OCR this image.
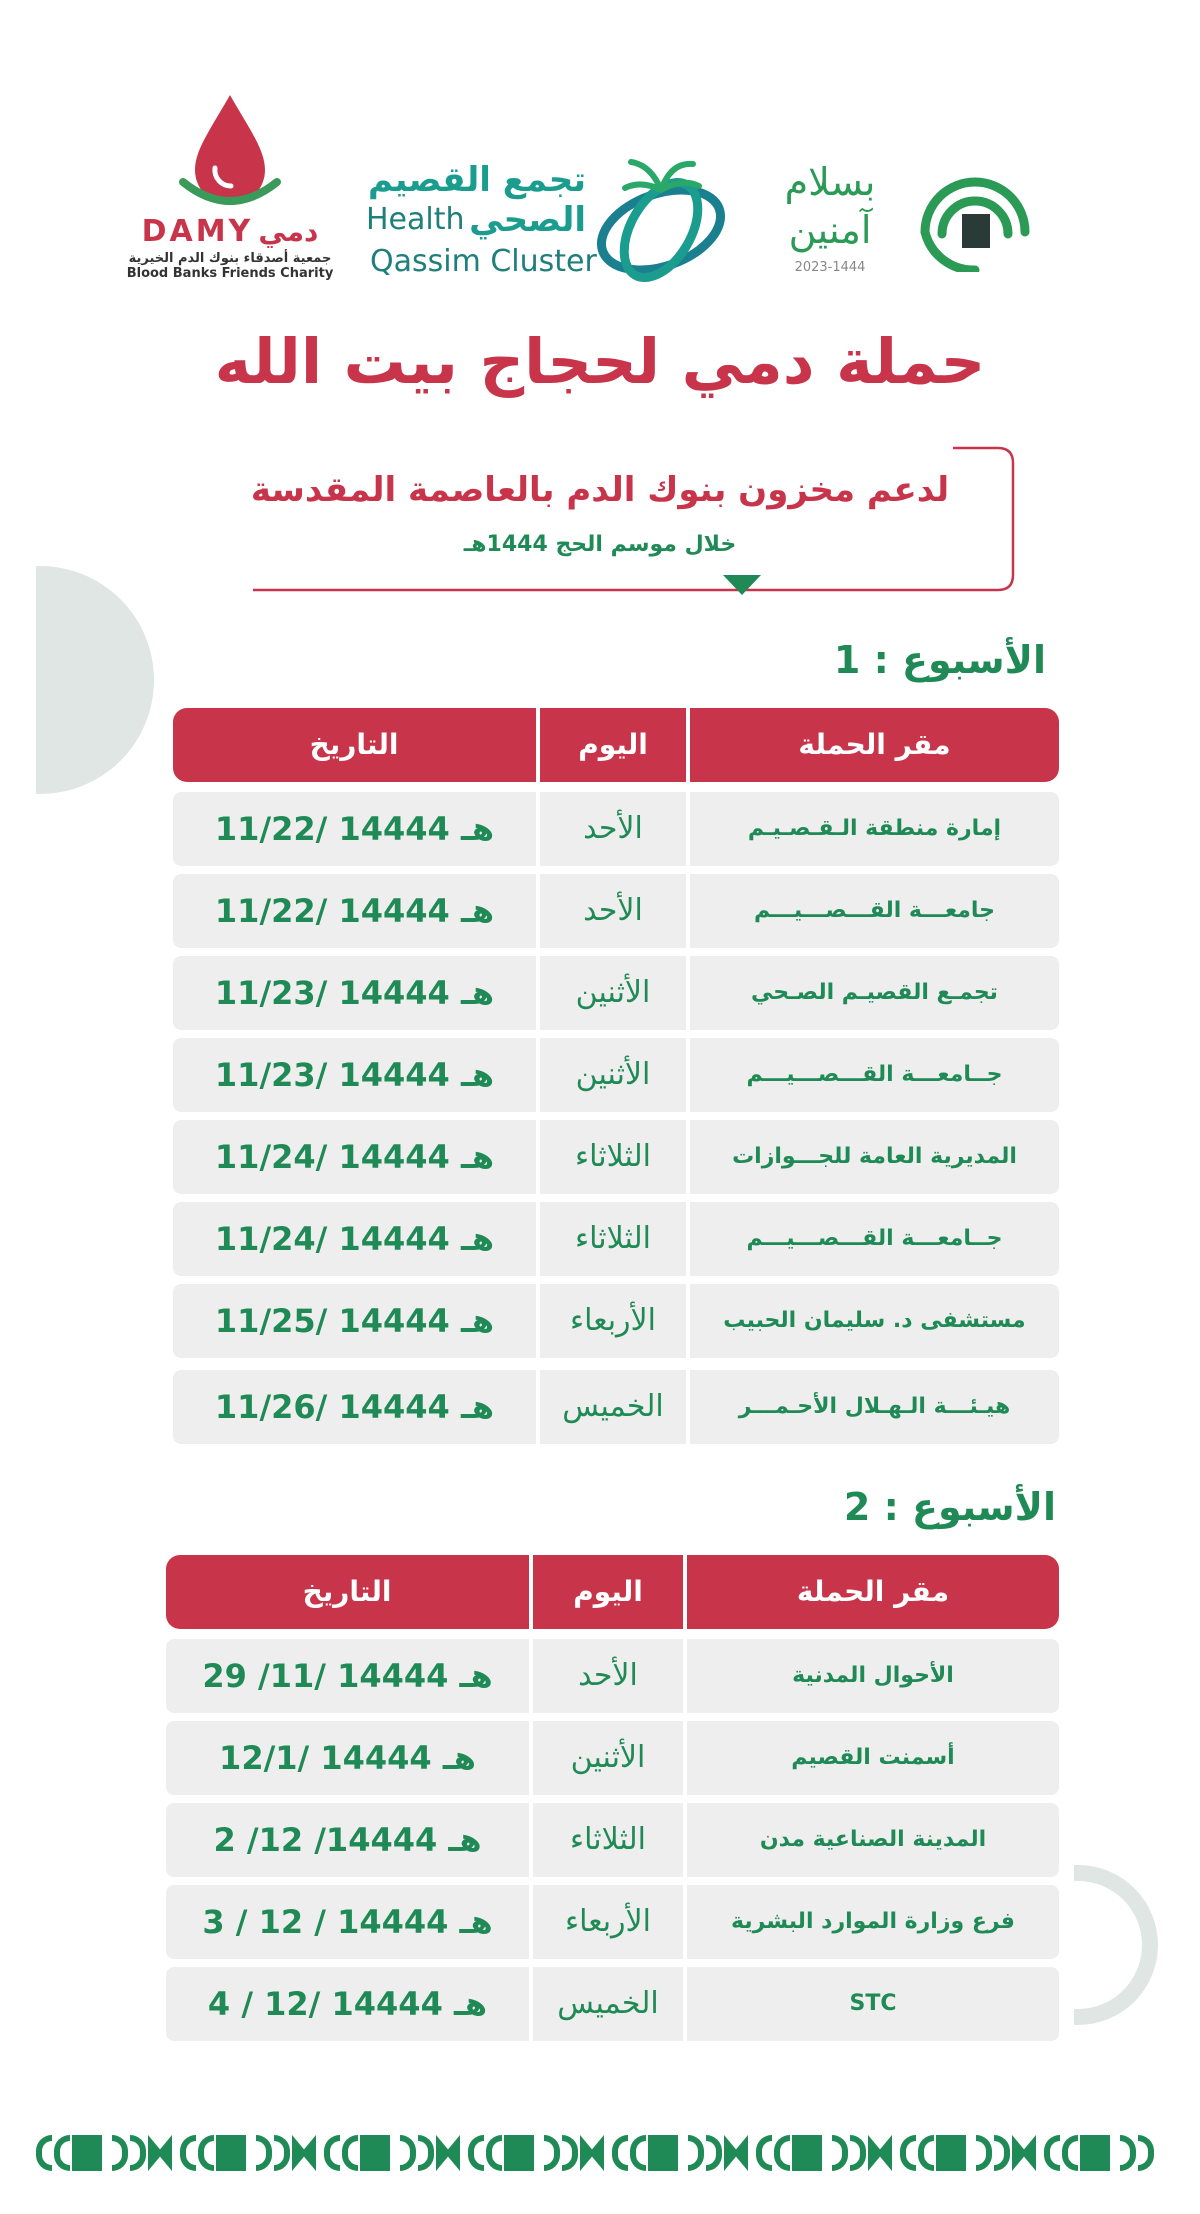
DAMY دمي
جمعية أصدقاء بنوك الدم الخيرية
Blood Banks Friends Charity
تجمع القصيم
الصحي
Health
Qassim Cluster
بسلام
آمنين
2023-1444
حملة دمي لحجاج بيت الله
لدعم مخزون بنوك الدم بالعاصمة المقدسة
خلال موسم الحج 1444هـ
الأسبوع : 1
التاريخ	اليوم	مقر الحملة
11/22/ 14444 هـ	الأحد	إمارة منطقة الـقـصـيـم
11/22/ 14444 هـ	الأحد	جامعـــة القـــصـــيـــم
11/23/ 14444 هـ	الأثنين	تجمـع القصيـم الصـحي
11/23/ 14444 هـ	الأثنين	جــامعـــة القـــصـــيـــم
11/24/ 14444 هـ	الثلاثاء	المديرية العامة للجـــوازات
11/24/ 14444 هـ	الثلاثاء	جــامعـــة القـــصـــيـــم
11/25/ 14444 هـ	الأربعاء	مستشفى د. سليمان الحبيب
11/26/ 14444 هـ	الخميس	هيـئـــة الـهـلال الأحـمـــر
الأسبوع : 2
التاريخ	اليوم	مقر الحملة
29 /11/ 14444 هـ	الأحد	الأحوال المدنية
12/1/ 14444 هـ	الأثنين	أسمنت القصيم
2 /12 /14444 هـ	الثلاثاء	المدينة الصناعية مدن
3 / 12 / 14444 هـ	الأربعاء	فرع وزارة الموارد البشرية
4 / 12/ 14444 هـ	الخميس	STC
